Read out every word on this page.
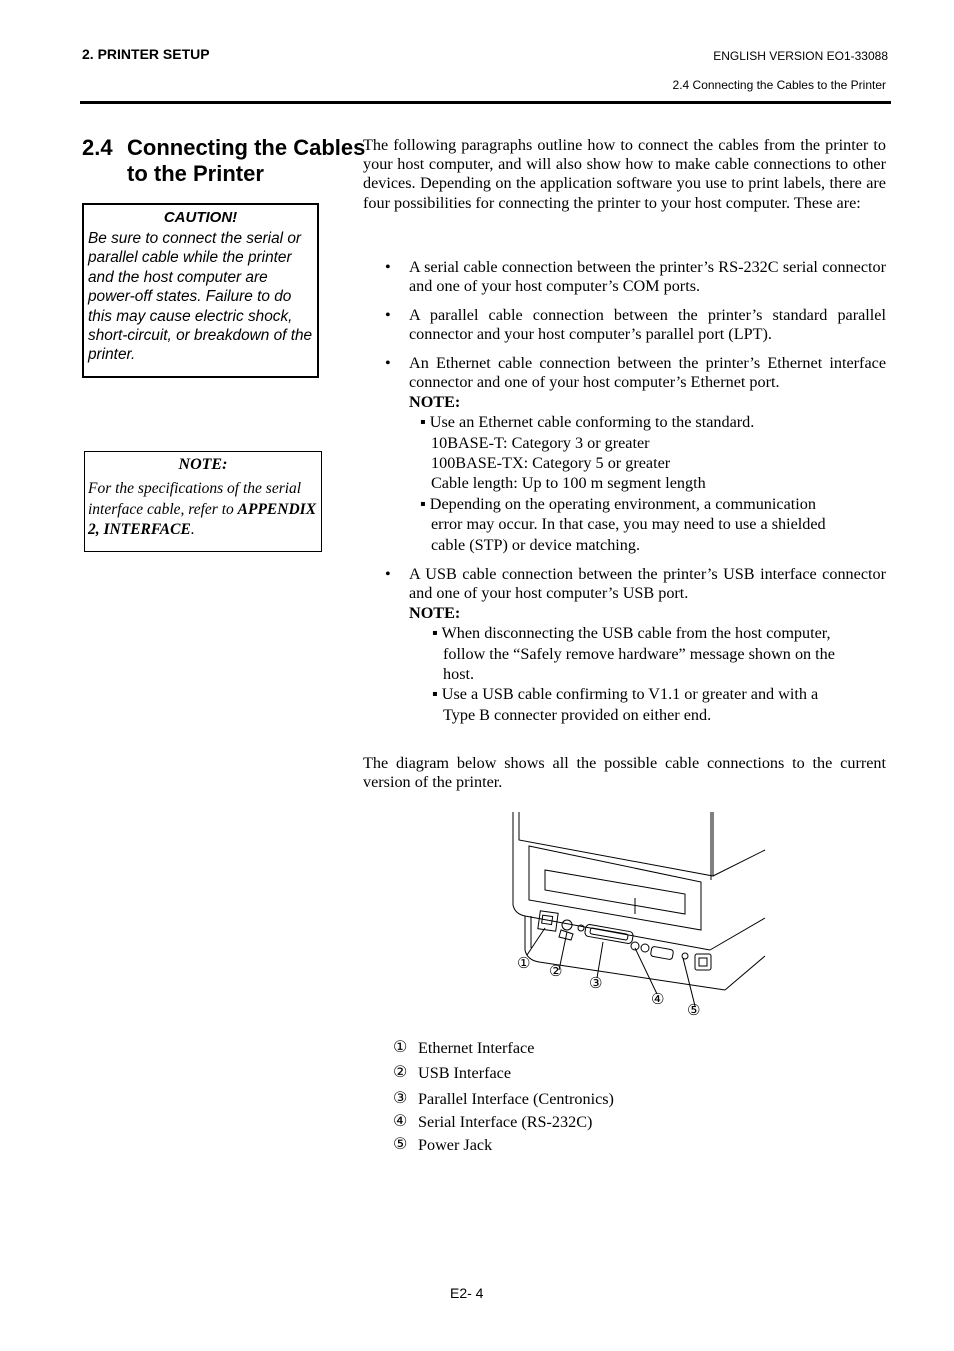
2. PRINTER SETUP	ENGLISH VERSION EO1-33088
2.4 Connecting the Cables to the Printer
2.4 Connecting the Cables to the Printer
CAUTION!
Be sure to connect the serial or parallel cable while the printer and the host computer are power-off states. Failure to do this may cause electric shock, short-circuit, or breakdown of the printer.
NOTE:
For the specifications of the serial interface cable, refer to APPENDIX 2, INTERFACE.
The following paragraphs outline how to connect the cables from the printer to your host computer, and will also show how to make cable connections to other devices. Depending on the application software you use to print labels, there are four possibilities for connecting the printer to your host computer. These are:
• A serial cable connection between the printer’s RS-232C serial connector and one of your host computer’s COM ports.
• A parallel cable connection between the printer’s standard parallel connector and your host computer’s parallel port (LPT).
• An Ethernet cable connection between the printer’s Ethernet interface connector and one of your host computer’s Ethernet port.
NOTE:
▪ Use an Ethernet cable conforming to the standard.
10BASE-T: Category 3 or greater
100BASE-TX: Category 5 or greater
Cable length: Up to 100 m segment length
▪ Depending on the operating environment, a communication
error may occur. In that case, you may need to use a shielded
cable (STP) or device matching.
• A USB cable connection between the printer’s USB interface connector and one of your host computer’s USB port.
NOTE:
▪ When disconnecting the USB cable from the host computer,
follow the “Safely remove hardware” message shown on the
host.
▪ Use a USB cable confirming to V1.1 or greater and with a
Type B connecter provided on either end.
The diagram below shows all the possible cable connections to the current version of the printer.
① ②
③
④
⑤
① Ethernet Interface
② USB Interface
③ Parallel Interface (Centronics)
④ Serial Interface (RS-232C)
⑤ Power Jack
E2- 4
